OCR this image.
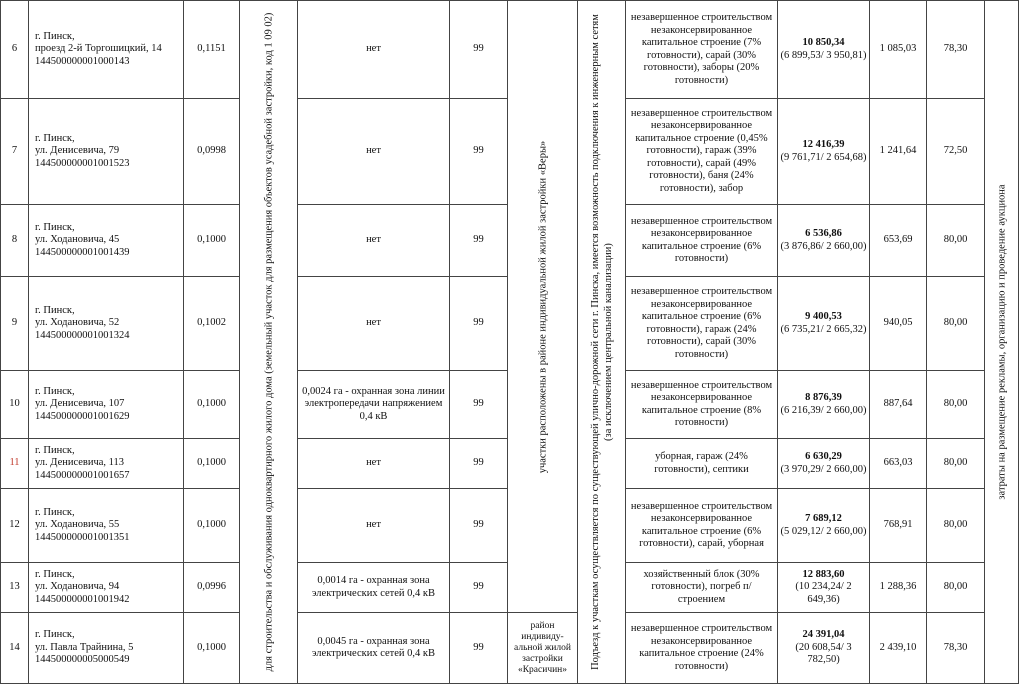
6	г. Пинск,
проезд 2-й Торгошицкий, 14
144500000001000143	0,1151	для строительства и обслуживания одноквартирного жилого дома (земельный участок для размещения объектов усадебной застройки, код 1 09 02)	нет	99	участки расположены в районе индивидуальной жилой застройки «Веры»	Подъезд к участкам осуществляется по существующей улично-дорожной сети г. Пинска, имеется возможность подключения к инженерным сетям (за исключением центральной канализации)	незавершенное строительством незаконсервированное капитальное строение (7% готовности), сарай (30% готовности), заборы (20% готовности)	10 850,34
(6 899,53/ 3 950,81)	1 085,03	78,30	затраты на размещение рекламы, организацию и проведение аукциона

7	г. Пинск,
ул. Денисевича, 79
144500000001001523	0,0998		нет	99			незавершенное строительством незаконсервированное капитальное строение (0,45% готовности), гараж (39% готовности), сарай (49% готовности), баня (24% готовности), забор	12 416,39
(9 761,71/ 2 654,68)	1 241,64	72,50	
8	г. Пинск,
ул. Ходановича, 45
144500000001001439	0,1000		нет	99			незавершенное строительством незаконсервированное капитальное строение (6% готовности)	6 536,86
(3 876,86/ 2 660,00)	653,69	80,00	
9	г. Пинск,
ул. Ходановича, 52
144500000001001324	0,1002		нет	99			незавершенное строительством незаконсервированное капитальное строение (6% готовности), гараж (24% готовности), сарай (30% готовности)	9 400,53
(6 735,21/ 2 665,32)	940,05	80,00	
10	г. Пинск,
ул. Денисевича, 107
144500000001001629	0,1000		0,0024 га - охранная зона линии электропередачи напряжением 0,4 кВ	99			незавершенное строительством незаконсервированное капитальное строение (8% готовности)	8 876,39
(6 216,39/ 2 660,00)	887,64	80,00	
11	г. Пинск,
ул. Денисевича, 113
144500000001001657	0,1000		нет	99			уборная, гараж (24% готовности), септики	6 630,29
(3 970,29/ 2 660,00)	663,03	80,00	
12	г. Пинск,
ул. Ходановича, 55
144500000001001351	0,1000		нет	99			незавершенное строительством незаконсервированное капитальное строение (6% готовности), сарай, уборная	7 689,12
(5 029,12/ 2 660,00)	768,91	80,00	
13	г. Пинск,
ул. Ходановича, 94
144500000001001942	0,0996		0,0014 га - охранная зона электрических сетей 0,4 кВ	99			хозяйственный блок (30% готовности), погреб п/строением	12 883,60
(10 234,24/ 2 649,36)	1 288,36	80,00	
14	г. Пинск,
ул. Павла Трайнина, 5
144500000005000549	0,1000		0,0045 га - охранная зона электрических сетей 0,4 кВ	99	район индивиду-альной жилой застройки «Красичин»		незавершенное строительством незаконсервированное капитальное строение (24% готовности)	24 391,04
(20 608,54/ 3 782,50)	2 439,10	78,30	
